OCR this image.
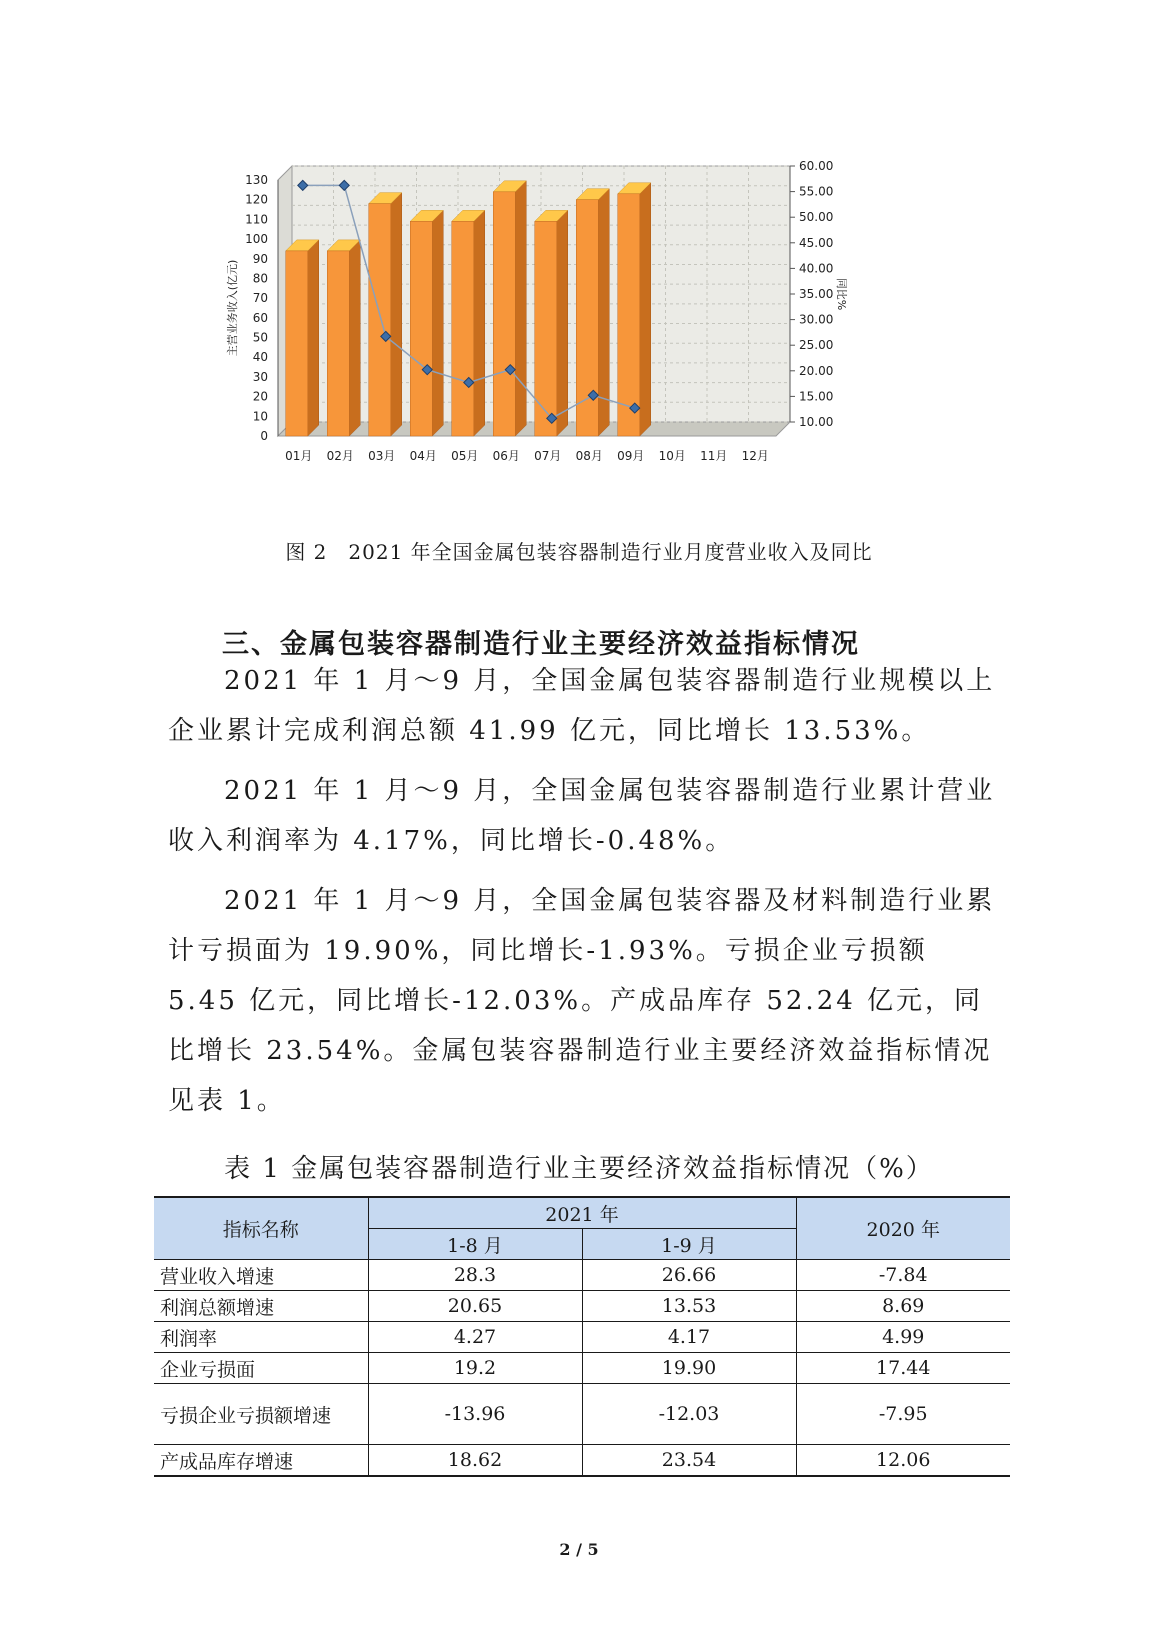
0
10
20
30
40
50
60
70
80
90
100
110
120
130
10.00
15.00
20.00
25.00
30.00
35.00
40.00
45.00
50.00
55.00
60.00
主营业务收入(亿元)	同比%
01月 02月 03月 04月 05月 06月 07月 08月 09月 10月 11月 12月
图 2　2021 年全国金属包装容器制造行业月度营业收入及同比
三、金属包装容器制造行业主要经济效益指标情况

2021 年 1 月～9 月，全国金属包装容器制造行业规模以上企业累计完成利润总额 41.99 亿元，同比增长 13.53%。

2021 年 1 月～9 月，全国金属包装容器制造行业累计营业收入利润率为 4.17%，同比增长-0.48%。

2021 年 1 月～9 月，全国金属包装容器及材料制造行业累计亏损面为 19.90%，同比增长-1.93%。亏损企业亏损额 5.45 亿元，同比增长-12.03%。产成品库存 52.24 亿元，同比增长 23.54%。金属包装容器制造行业主要经济效益指标情况见表 1。

表 1 金属包装容器制造行业主要经济效益指标情况（%）
指标名称	2021 年		2020 年
	1-8 月	1-9 月	
营业收入增速	28.3	26.66	-7.84
利润总额增速	20.65	13.53	8.69
利润率	4.27	4.17	4.99
企业亏损面	19.2	19.90	17.44
亏损企业亏损额增速	-13.96	-12.03	-7.95
产成品库存增速	18.62	23.54	12.06
2 / 5
